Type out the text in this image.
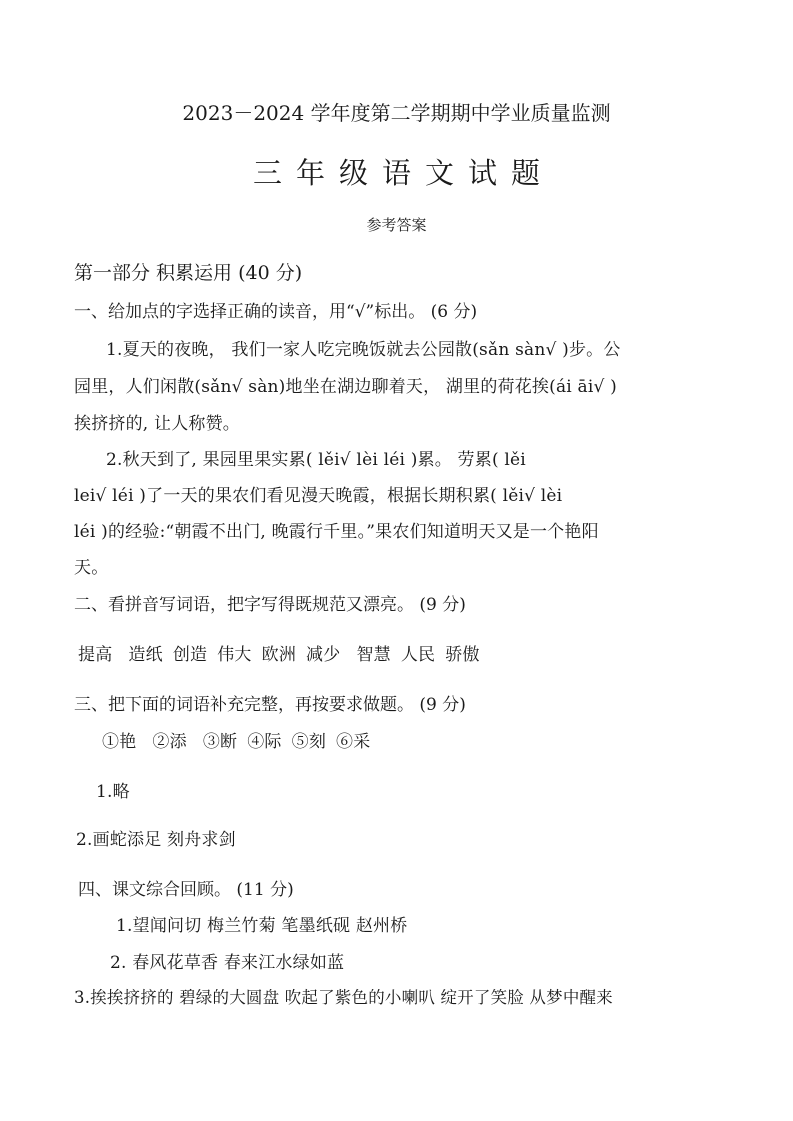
2023－2024 学年度第二学期期中学业质量监测
三年级语文试题
参考答案
第一部分 积累运用 (40 分)
一、给加点的字选择正确的读音，用“√”标出。 (6 分)
1.夏天的夜晚， 我们一家人吃完晚饭就去公园散(sǎn sàn√ )步。公
园里，人们闲散(sǎn√ sàn)地坐在湖边聊着天， 湖里的荷花挨(ái āi√ )
挨挤挤的, 让人称赞。
2.秋天到了, 果园里果实累( lěi√ lèi léi )累。 劳累( lěi
lei√ léi )了一天的果农们看见漫天晚霞，根据长期积累( lěi√ lèi
léi )的经验:“朝霞不出门, 晚霞行千里。”果农们知道明天又是一个艳阳
天。
二、看拼音写词语，把字写得既规范又漂亮。 (9 分)
提高 造纸 创造 伟大 欧洲 减少 智慧 人民 骄傲
三、把下面的词语补充完整，再按要求做题。 (9 分)
①艳 ②添 ③断 ④际 ⑤刻 ⑥采
1.略
2.画蛇添足 刻舟求剑
四、课文综合回顾。 (11 分)
1.望闻问切 梅兰竹菊 笔墨纸砚 赵州桥
2. 春风花草香 春来江水绿如蓝
3.挨挨挤挤的 碧绿的大圆盘 吹起了紫色的小喇叭 绽开了笑脸 从梦中醒来
